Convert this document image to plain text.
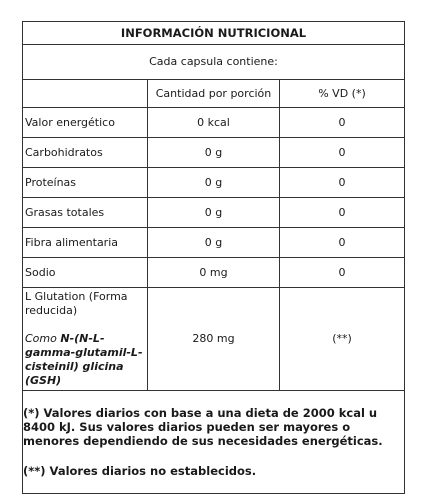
INFORMACIÓN NUTRICIONAL		
Cada capsula contiene:		
	Cantidad por porción	% VD (*)
Valor energético	0 kcal	0
Carbohidratos	0 g	0
Proteínas	0 g	0
Grasas totales	0 g	0
Fibra alimentaria	0 g	0
Sodio	0 mg	0

L Glutation (Forma reducida)
Como N-(N-L-gamma-glutamil-L-cisteinil) glicina (GSH)	280 mg	(**)

(*) Valores diarios con base a una dieta de 2000 kcal u 8400 kJ. Sus valores diarios pueden ser mayores o menores dependiendo de sus necesidades energéticas.
(**) Valores diarios no establecidos.		
